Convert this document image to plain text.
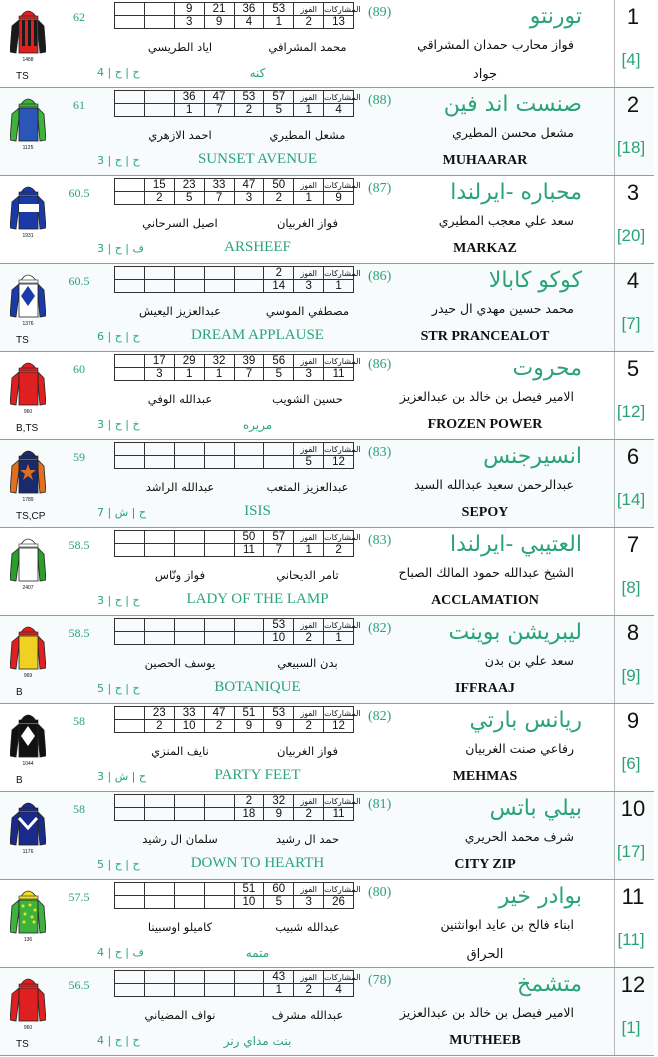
1488
TS
62
		9	21	36	53	الفوز	المشاركات
		3	9	4	1	2	13
اياد الطريسي	محمد المشرافي
ح | ح | 4	كنه
(89)	تورنتو
فواز محارب حمدان المشراقي
جواد
1
[4]
1125
61
		36	47	53	57	الفوز	المشاركات
		1	7	2	5	1	4
احمد الازهري	مشعل المطيري
ح | ح | 3	SUNSET AVENUE
(88)	صنست اند فين
مشعل محسن المطيري
MUHAARAR
2
[18]
1931
60.5
	15	23	33	47	50	الفوز	المشاركات
	2	5	7	3	2	1	9
اصيل السرحاني	فواز الغربيان
ف | ح | 3	ARSHEEF
(87)	محباره -ايرلندا
سعد علي معجب المطيري
MARKAZ
3
[20]
1376
TS
60.5
					2	الفوز	المشاركات
					14	3	1
عبدالعزيز اليعيش	مصطفي الموسي
ح | ح | 6	DREAM APPLAUSE
(86)	كوكو كابالا
محمد حسين مهدي ال حيدر
STR PRANCEALOT
4
[7]
960
B,TS
60
	17	29	32	39	56	الفوز	المشاركات
	3	1	1	7	5	3	11
عبدالله الوفي	حسين الشويب
خ | ح | 3	مريره
(86)	محروت
الامير فيصل بن خالد بن عبدالعزيز
FROZEN POWER
5
[12]
1789
TS,CP
59
						الفوز	المشاركات
						5	12
عبدالله الراشد	عبدالعزيز المتعب
ح | ش | 7	ISIS
(83)	انسيرجنس
عبدالرحمن سعيد عبدالله السيد
SEPOY
6
[14]
2407
58.5
				50	57	الفوز	المشاركات
				11	7	1	2
فواز ونّاس	تامر الديحاني
ح | ح | 3	LADY OF THE LAMP
(83)	العتيبي -ايرلندا
الشيخ عبدالله حمود المالك الصباح
ACCLAMATION
7
[8]
969
B
58.5
					53	الفوز	المشاركات
					10	2	1
يوسف الحصين	بدن السبيعي
ح | ح | 5	BOTANIQUE
(82)	ليبريشن بوينت
سعد علي بن بدن
IFFRAAJ
8
[9]
1044
B
58
	23	33	47	51	53	الفوز	المشاركات
	2	10	2	9	9	2	12
نايف المنزي	فواز الغربيان
ح | ش | 3	PARTY FEET
(82)	ريانس بارتي
رفاعي صنت الغربيان
MEHMAS
9
[6]
1176
58
				2	32	الفوز	المشاركات
				18	9	2	11
سلمان ال رشيد	حمد ال رشيد
ح | ح | 5	DOWN TO HEARTH
(81)	بيلي باتس
شرف محمد الحريري
CITY ZIP
10
[17]
136
57.5
				51	60	الفوز	المشاركات
				10	5	3	26
كاميلو اوسبينا	عبدالله شبيب
ف | ح | 4	متمه
(80)	بوادر خير
ابناء فالح بن عايد ابوانثنين
الحراق
11
[11]
960
TS
56.5
					43	الفوز	المشاركات
					1	2	4
نواف المضياني	عبدالله مشرف
ح | ح | 4	بنت مداي رنر
(78)	متشمخ
الامير فيصل بن خالد بن عبدالعزيز
MUTHEEB
12
[1]
